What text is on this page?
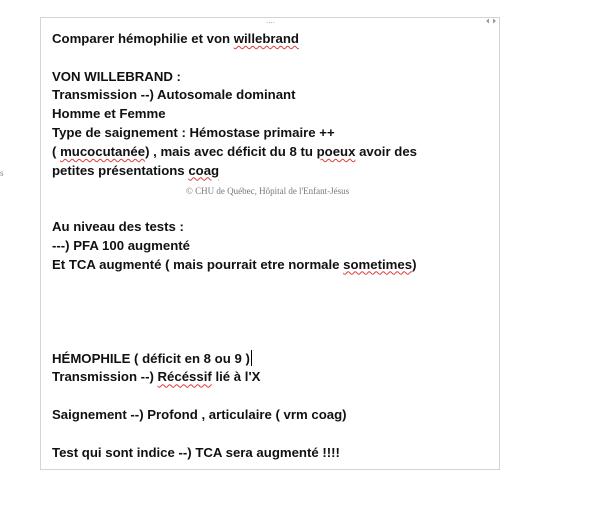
s
....
Comparer hémophilie et von willebrand
VON WILLEBRAND :
Transmission --) Autosomale dominant
Homme et Femme
Type de saignement : Hémostase primaire ++
( mucocutanée) , mais avec déficit du 8 tu poeux avoir des
petites présentations coag
Au niveau des tests :
---) PFA 100 augmenté
Et TCA augmenté ( mais pourrait etre normale sometimes)
HÉMOPHILE ( déficit en 8 ou 9 )
Transmission --) Récéssif lié à l'X
Saignement --) Profond , articulaire ( vrm coag)
Test qui sont indice --) TCA sera augmenté !!!!
© CHU de Québec, Hôpital de l'Enfant-Jésus
